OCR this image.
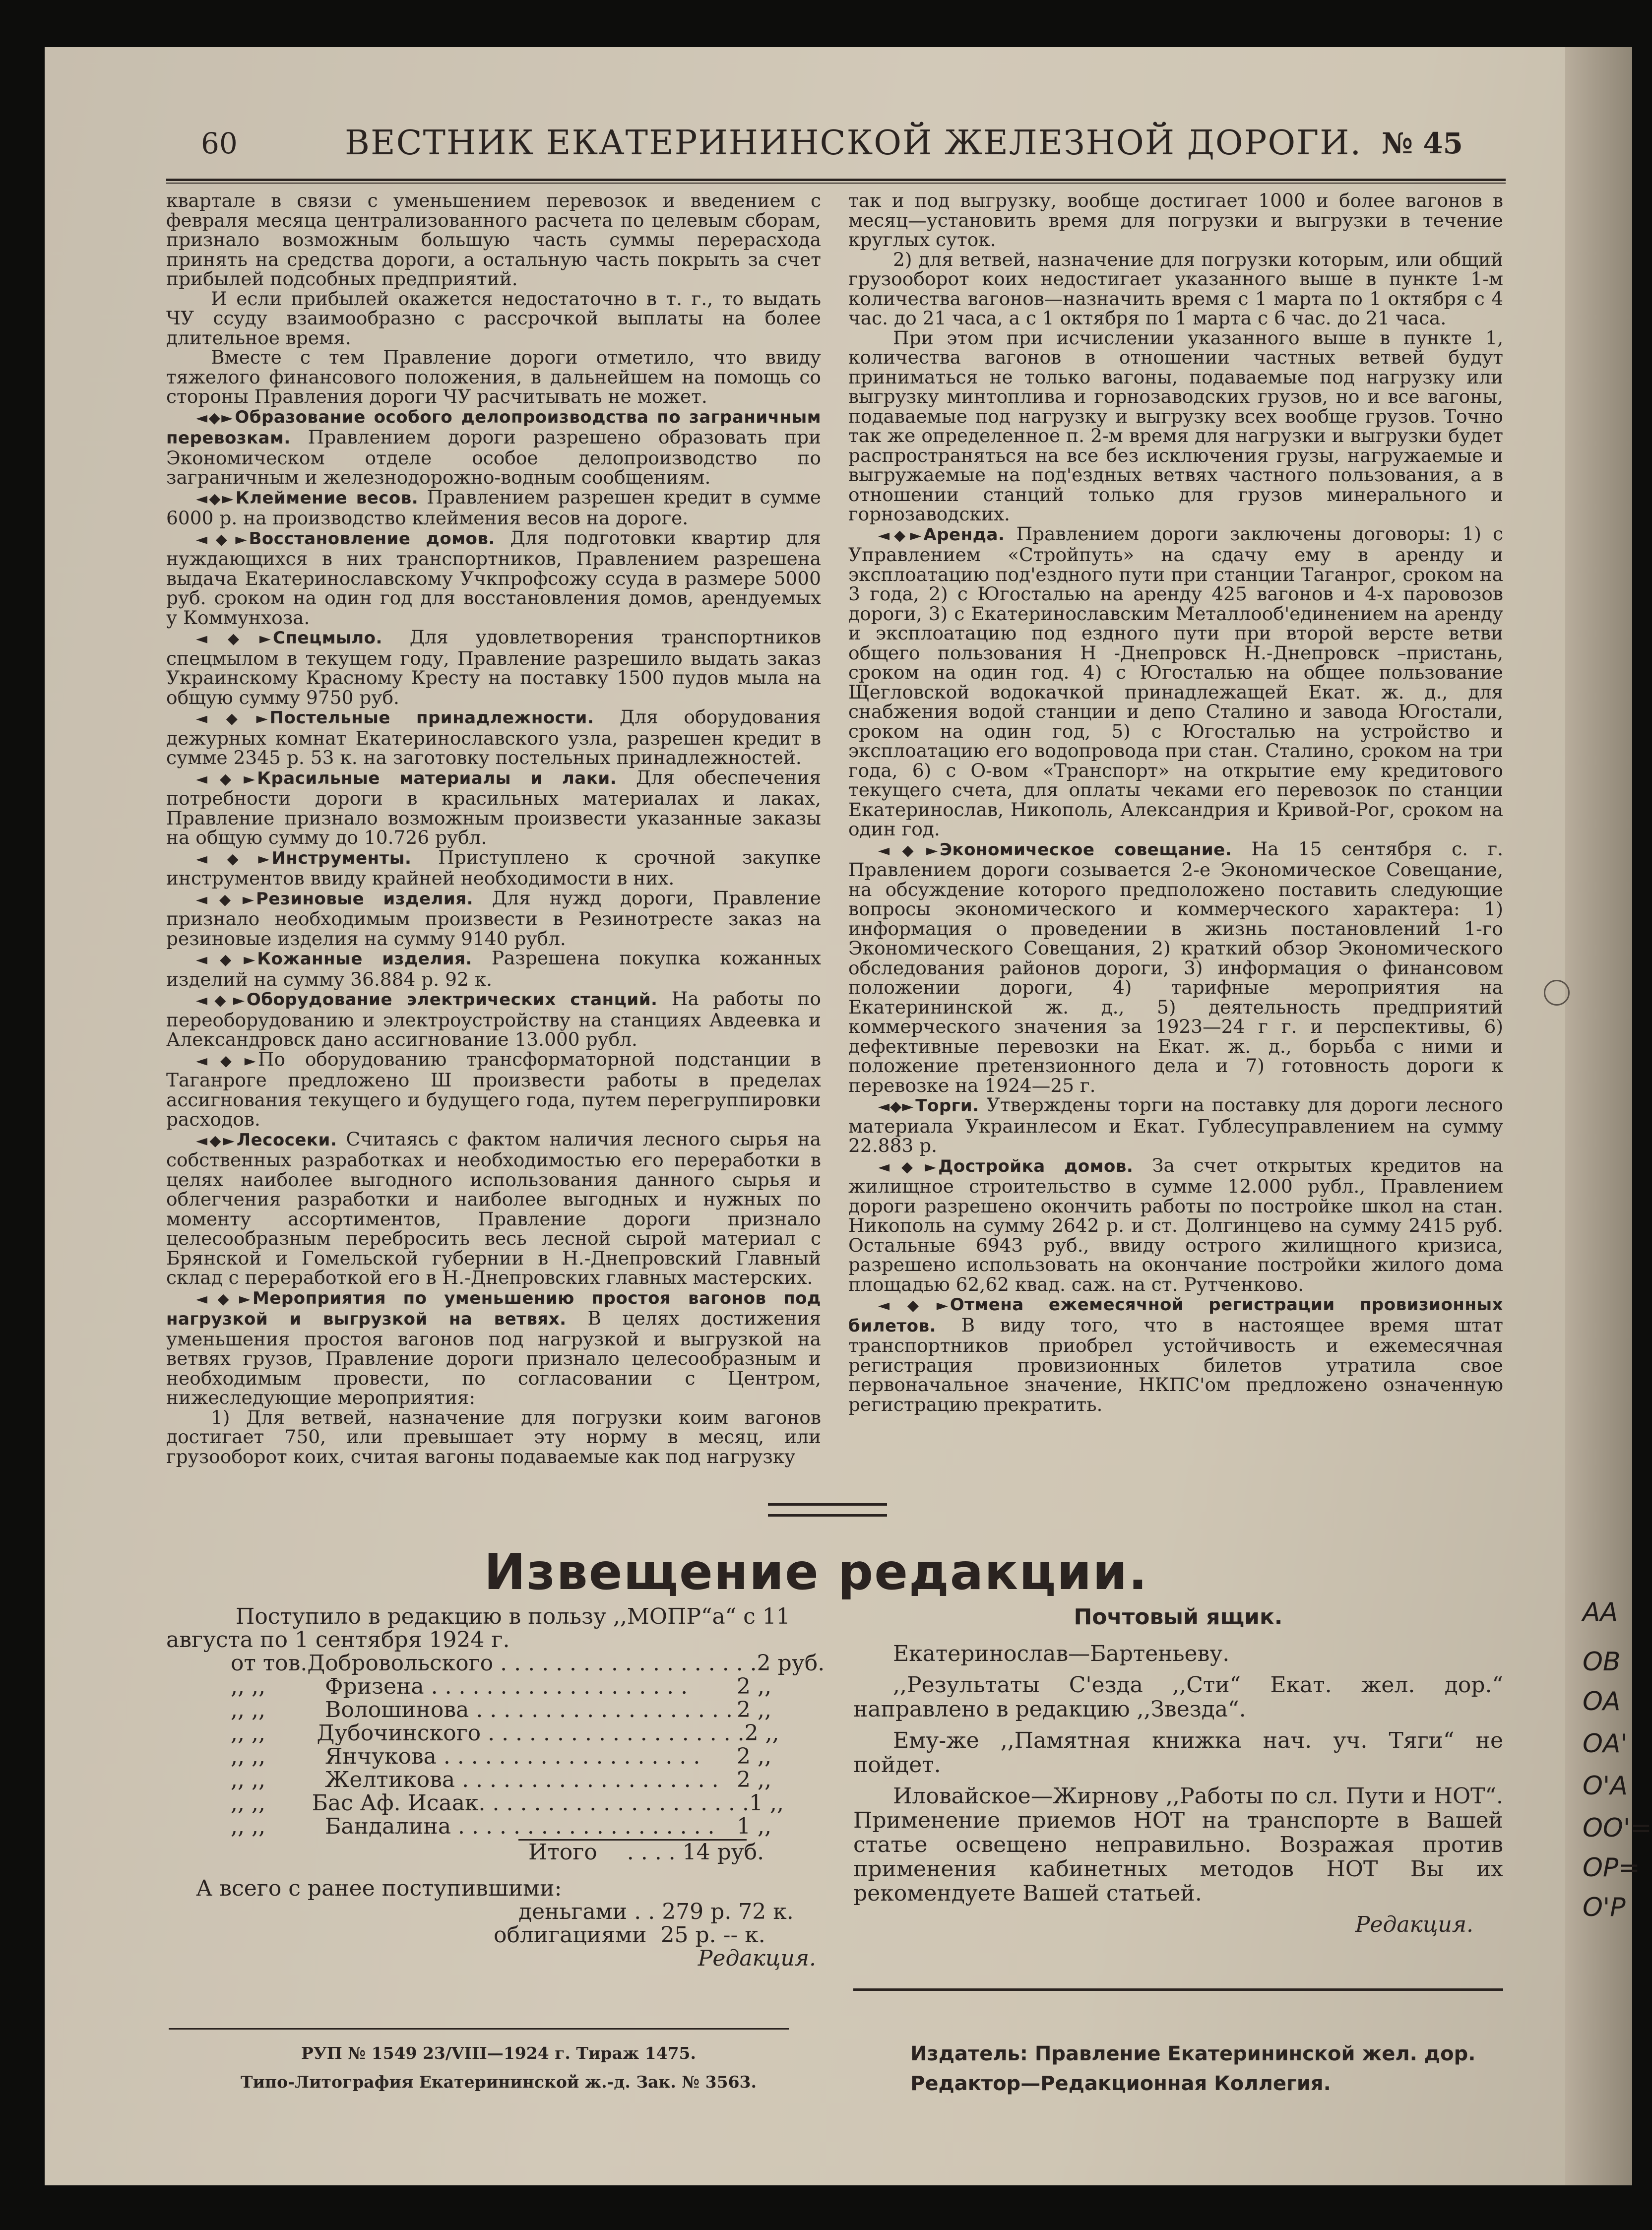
АА
ОВ
ОА
ОА'
О'А
ОО'=
ОР=
О'Р
60	ВЕСТНИК ЕКАТЕРИНИНСКОЙ ЖЕЛЕЗНОЙ ДОРОГИ. № 45

квартале в связи с уменьшением перевозок и введением с февраля месяца централизованного расчета по целевым сборам, признало возможным большую часть суммы перерасхода принять на средства дороги, а остальную часть покрыть за счет прибылей подсобных предприятий.

И если прибылей окажется недостаточно в т. г., то выдать ЧУ ссуду взаимообразно с рассрочкой выплаты на более длительное время.

Вместе с тем Правление дороги отметило, что ввиду тяжелого финансового положения, в дальнейшем на помощь со стороны Правления дороги ЧУ расчитывать не может.

◄◆► Образование особого делопроизводства по заграничным перевозкам. Правлением дороги разрешено образовать при Экономическом отделе особое делопроизводство по заграничным и железнодорожно-водным сообщениям.

◄◆► Клеймение весов. Правлением разрешен кредит в сумме 6000 р. на производство клеймения весов на дороге.

◄◆► Восстановление домов. Для подготовки квартир для нуждающихся в них транспортников, Правлением разрешена выдача Екатеринославскому Учкпрофсожу ссуда в размере 5000 руб. сроком на один год для восстановления домов, арендуемых у Коммунхоза.

◄◆► Спецмыло. Для удовлетворения транспортников спецмылом в текущем году, Правление разрешило выдать заказ Украинскому Красному Кресту на поставку 1500 пудов мыла на общую сумму 9750 руб.

◄◆► Постельные принадлежности. Для оборудования дежурных комнат Екатеринославского узла, разрешен кредит в сумме 2345 р. 53 к. на заготовку постельных принадлежностей.

◄◆► Красильные материалы и лаки. Для обеспечения потребности дороги в красильных материалах и лаках, Правление признало возможным произвести указанные заказы на общую сумму до 10.726 рубл.

◄◆► Инструменты. Приступлено к срочной закупке инструментов ввиду крайней необходимости в них.

◄◆► Резиновые изделия. Для нужд дороги, Правление признало необходимым произвести в Резинотресте заказ на резиновые изделия на сумму 9140 рубл.

◄◆► Кожанные изделия. Разрешена покупка кожанных изделий на сумму 36.884 р. 92 к.

◄◆► Оборудование электрических станций. На работы по переоборудованию и электроустройству на станциях Авдеевка и Александровск дано ассигнование 13.000 рубл.

◄◆► По оборудованию трансформаторной подстанции в Таганроге предложено Ш произвести работы в пределах ассигнования текущего и будущего года, путем перегруппировки расходов.

◄◆► Лесосеки. Считаясь с фактом наличия лесного сырья на собственных разработках и необходимостью его переработки в целях наиболее выгодного использования данного сырья и облегчения разработки и наиболее выгодных и нужных по моменту ассортиментов, Правление дороги признало целесообразным перебросить весь лесной сырой материал с Брянской и Гомельской губернии в Н.-Днепровский Главный склад с переработкой его в Н.-Днепровских главных мастерских.

◄◆► Мероприятия по уменьшению простоя вагонов под нагрузкой и выгрузкой на ветвях. В целях достижения уменьшения простоя вагонов под нагрузкой и выгрузкой на ветвях грузов, Правление дороги признало целесообразным и необходимым провести, по согласовании с Центром, нижеследующие мероприятия:

1) Для ветвей, назначение для погрузки коим вагонов достигает 750, или превышает эту норму в месяц, или грузооборот коих, считая вагоны подаваемые как под нагрузку

так и под выгрузку, вообще достигает 1000 и более вагонов в месяц—установить время для погрузки и выгрузки в течение круглых суток.

2) для ветвей, назначение для погрузки которым, или общий грузооборот коих недостигает указанного выше в пункте 1-м количества вагонов—назначить время с 1 марта по 1 октября с 4 час. до 21 часа, а с 1 октября по 1 марта с 6 час. до 21 часа.

При этом при исчислении указанного выше в пункте 1, количества вагонов в отношении частных ветвей будут приниматься не только вагоны, подаваемые под нагрузку или выгрузку минтоплива и горнозаводских грузов, но и все вагоны, подаваемые под нагрузку и выгрузку всех вообще грузов. Точно так же определенное п. 2-м время для нагрузки и выгрузки будет распространяться на все без исключения грузы, нагружаемые и выгружаемые на под'ездных ветвях частного пользования, а в отношении станций только для грузов минерального и горнозаводских.

◄◆► Аренда. Правлением дороги заключены договоры: 1) с Управлением «Стройпуть» на сдачу ему в аренду и эксплоатацию под'ездного пути при станции Таганрог, сроком на 3 года, 2) с Югосталью на аренду 425 вагонов и 4-х паровозов дороги, 3) с Екатеринославским Металлооб'единением на аренду и эксплоатацию под ездного пути при второй версте ветви общего пользования Н -Днепровск Н.-Днепровск –пристань, сроком на один год. 4) с Югосталью на общее пользование Щегловской водокачкой принадлежащей Екат. ж. д., для снабжения водой станции и депо Сталино и завода Югостали, сроком на один год, 5) с Югосталью на устройство и эксплоатацию его водопровода при стан. Сталино, сроком на три года, 6) с О-вом «Транспорт» на открытие ему кредитового текущего счета, для оплаты чеками его перевозок по станции Екатеринослав, Никополь, Александрия и Кривой-Рог, сроком на один год.

◄◆► Экономическое совещание. На 15 сентября с. г. Правлением дороги созывается 2-е Экономическое Совещание, на обсуждение которого предположено поставить следующие вопросы экономического и коммерческого характера: 1) информация о проведении в жизнь постановлений 1-го Экономического Совещания, 2) краткий обзор Экономического обследования районов дороги, 3) информация о финансовом положении дороги, 4) тарифные мероприятия на Екатерининской ж. д., 5) деятельность предприятий коммерческого значения за 1923—24 г г. и перспективы, 6) дефективные перевозки на Екат. ж. д., борьба с ними и положение претензионного дела и 7) готовность дороги к перевозке на 1924—25 г.

◄◆► Торги. Утверждены торги на поставку для дороги лесного материала Украинлесом и Екат. Гублесуправлением на сумму 22.883 р.

◄◆► Достройка домов. За счет открытых кредитов на жилищное строительство в сумме 12.000 рубл., Правлением дороги разрешено окончить работы по постройке школ на стан. Никополь на сумму 2642 р. и ст. Долгинцево на сумму 2415 руб. Остальные 6943 руб., ввиду острого жилищного кризиса, разрешено использовать на окончание постройки жилого дома площадью 62,62 квад. саж. на ст. Рутченково.

◄◆► Отмена ежемесячной регистрации провизионных билетов. В виду того, что в настоящее время штат транспортников приобрел устойчивость и ежемесячная регистрация провизионных билетов утратила свое первоначальное значение, НКПС'ом предложено означенную регистрацию прекратить.

Извещение редакции.

Поступило в редакцию в пользу ,,МОПР“а“ с 11 августа по 1 сентября 1924 г.

от тов. Добровольского . . . . . . . . . . . . . . . . . . . 2 руб.
,, ,,	Фризена . . . . . . . . . . . . . . . . . . .	2 ,,
,, ,,	Волошинова . . . . . . . . . . . . . . . . . . . 2 ,,
,, ,,	Дубочинского . . . . . . . . . . . . . . . . . . . 2 ,,
,, ,,	Янчукова . . . . . . . . . . . . . . . . . . .	2 ,,
,, ,,	Желтикова . . . . . . . . . . . . . . . . . . . 2 ,,
,, ,,	Бас Аф. Исаак. . . . . . . . . . . . . . . . . . . . 1 ,,
,, ,,	Бандалина . . . . . . . . . . . . . . . . . . .	1 ,,
Итого . . . . 14 руб.
А всего с ранее поступившими:
деньгами . . 279 р. 72 к.
облигациями 25 р. -- к.
Редакция.
Почтовый ящик.

Екатеринослав—Бартеньеву.

,,Результаты С'езда ,,Сти“ Екат. жел. дор.“ направлено в редакцию ,,Звезда“.

Ему-же ,,Памятная книжка нач. уч. Тяги“ не пойдет.

Иловайское—Жирнову ,,Работы по сл. Пути и НОТ“. Применение приемов НОТ на транспорте в Вашей статье освещено неправильно. Возражая против применения кабинетных методов НОТ Вы их рекомендуете Вашей статьей.

Редакция.
РУП № 1549 23/VIII—1924 г. Тираж 1475.
Типо-Литография Екатерининской ж.-д. Зак. № 3563.
Издатель: Правление Екатерининской жел. дор.
Редактор—Редакционная Коллегия.
